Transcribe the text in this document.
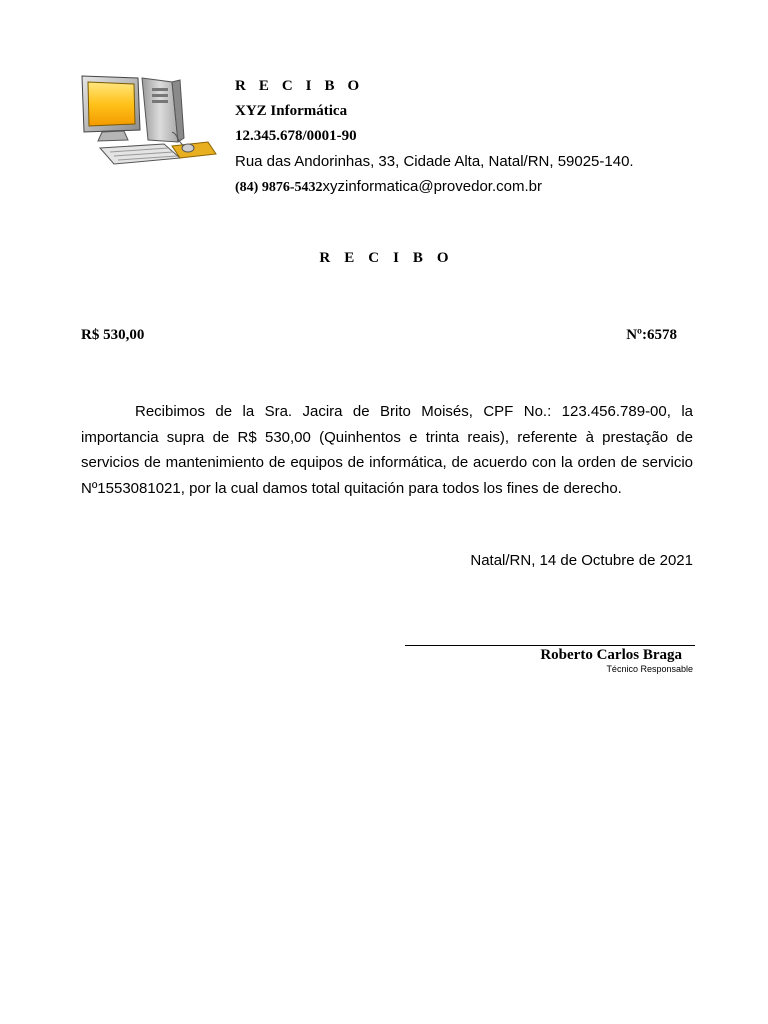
RECIBO
XYZ Informática
12.345.678/0001-90
Rua das Andorinhas, 33, Cidade Alta, Natal/RN, 59025-140.
(84) 9876-5432xyzinformatica@provedor.com.br
RECIBO
R$ 530,00	Nº:6578

Recibimos de la Sra. Jacira de Brito Moisés, CPF No.: 123.456.789-00, la importancia supra de R$ 530,00 (Quinhentos e trinta reais), referente à prestação de servicios de mantenimiento de equipos de informática, de acuerdo con la orden de servicio Nº1553081021, por la cual damos total quitación para todos los fines de derecho.

Natal/RN, 14 de Octubre de 2021
Roberto Carlos Braga
Técnico Responsable
